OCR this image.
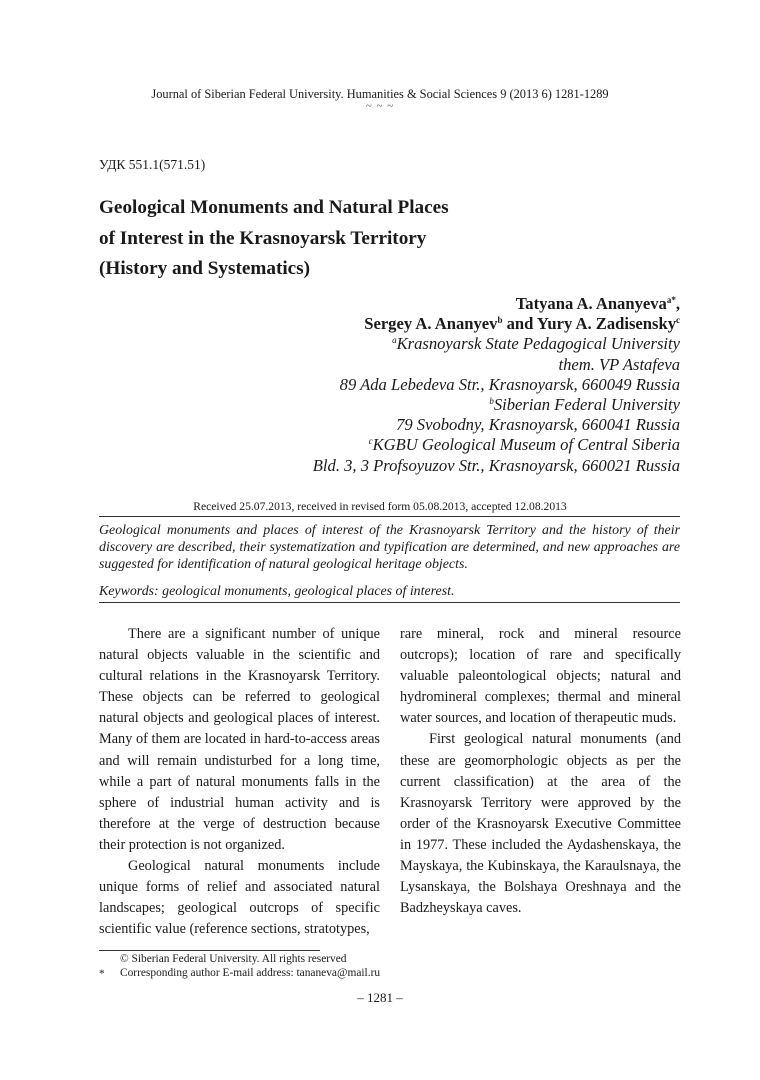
Journal of Siberian Federal University. Humanities & Social Sciences 9 (2013 6) 1281-1289
~ ~ ~
УДК 551.1(571.51)
Geological Monuments and Natural Places
of Interest in the Krasnoyarsk Territory
(History and Systematics)
Tatyana A. Ananyeva$^{a*}$,
Sergey A. Ananyev$^b$ and Yury A. Zadisensky$^c$
$^a$Krasnoyarsk State Pedagogical University
them. VP Astafeva
89 Ada Lebedeva Str., Krasnoyarsk, 660049 Russia
$^b$Siberian Federal University
79 Svobodny, Krasnoyarsk, 660041 Russia
$^c$KGBU Geological Museum of Central Siberia
Bld. 3, 3 Profsoyuzov Str., Krasnoyarsk, 660021 Russia
Received 25.07.2013, received in revised form 05.08.2013, accepted 12.08.2013
Geological monuments and places of interest of the Krasnoyarsk Territory and the history of their discovery are described, their systematization and typification are determined, and new approaches are suggested for identification of natural geological heritage objects.
Keywords: geological monuments, geological places of interest.

There are a significant number of unique natural objects valuable in the scientific and cultural relations in the Krasnoyarsk Territory. These objects can be referred to geological natural objects and geological places of interest. Many of them are located in hard-to-access areas and will remain undisturbed for a long time, while a part of natural monuments falls in the sphere of industrial human activity and is therefore at the verge of destruction because their protection is not organized.

Geological natural monuments include unique forms of relief and associated natural landscapes; geological outcrops of specific scientific value (reference sections, stratotypes,

rare mineral, rock and mineral resource outcrops); location of rare and specifically valuable paleontological objects; natural and hydromineral complexes; thermal and mineral water sources, and location of therapeutic muds.

First geological natural monuments (and these are geomorphologic objects as per the current classification) at the area of the Krasnoyarsk Territory were approved by the order of the Krasnoyarsk Executive Committee in 1977. These included the Aydashenskaya, the Mayskaya, the Kubinskaya, the Karaulsnaya, the Lysanskaya, the Bolshaya Oreshnaya and the Badzheyskaya caves.

© Siberian Federal University. All rights reserved
* Corresponding author E-mail address: tananeva@mail.ru
– 1281 –
